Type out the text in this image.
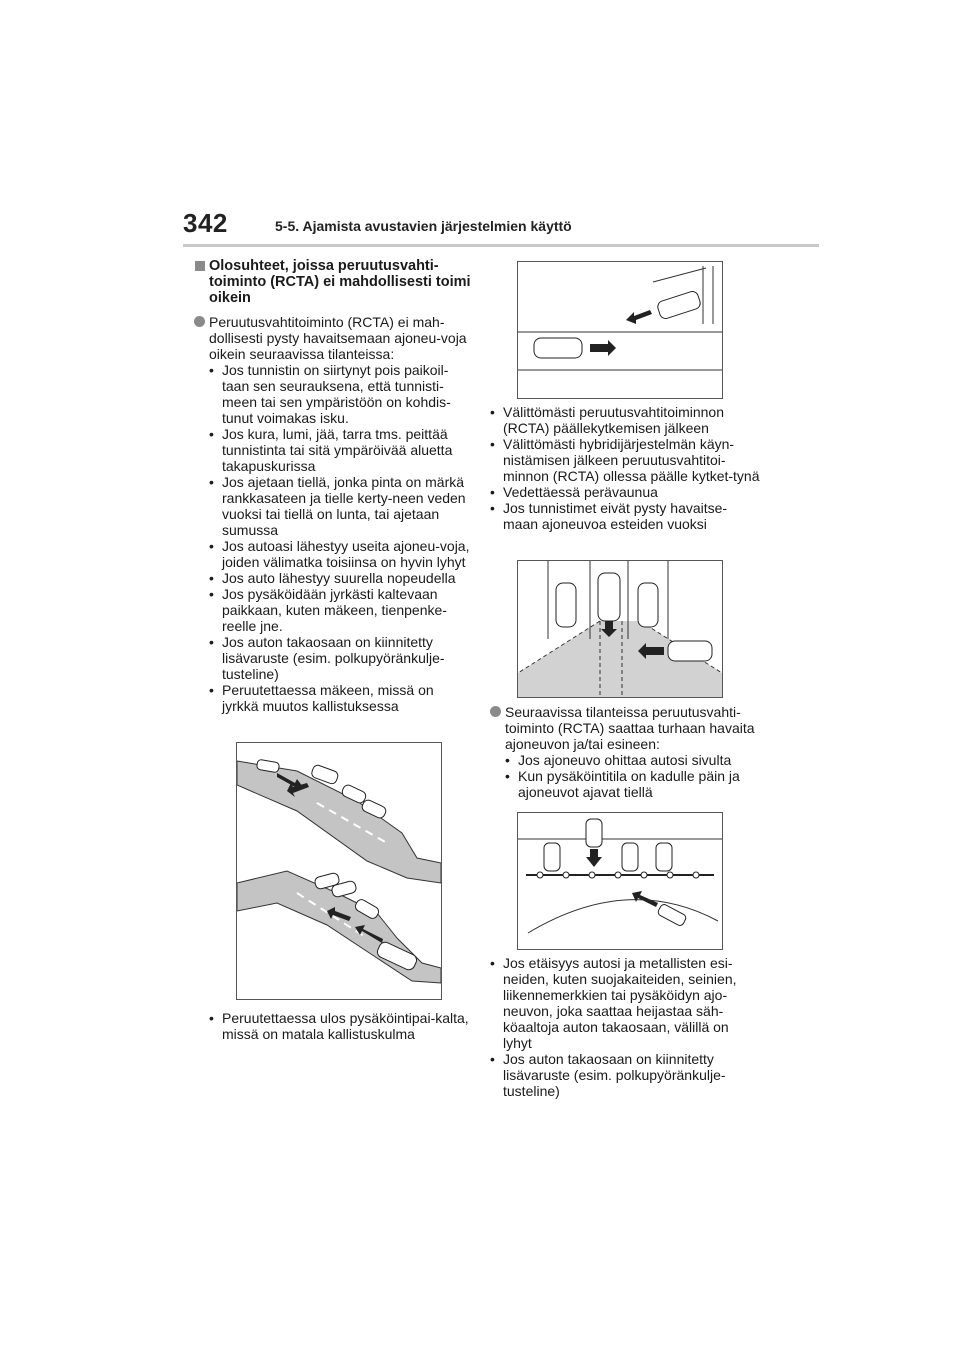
342	5-5. Ajamista avustavien järjestelmien käyttö
Olosuhteet, joissa peruutusvahti-toiminto (RCTA) ei mahdollisesti toimi oikein
Peruutusvahtitoiminto (RCTA) ei mah-dollisesti pysty havaitsemaan ajoneu-voja oikein seuraavissa tilanteissa:
• Jos tunnistin on siirtynyt pois paikoil-taan sen seurauksena, että tunnisti-meen tai sen ympäristöön on kohdis-tunut voimakas isku.
• Jos kura, lumi, jää, tarra tms. peittää tunnistinta tai sitä ympäröivää aluetta takapuskurissa
• Jos ajetaan tiellä, jonka pinta on märkä rankkasateen ja tielle kerty-neen veden vuoksi tai tiellä on lunta, tai ajetaan sumussa
• Jos autoasi lähestyy useita ajoneu-voja, joiden välimatka toisiinsa on hyvin lyhyt
• Jos auto lähestyy suurella nopeudella
• Jos pysäköidään jyrkästi kaltevaan paikkaan, kuten mäkeen, tienpenke-reelle jne.
• Jos auton takaosaan on kiinnitetty lisävaruste (esim. polkupyöränkulje-tusteline)
• Peruutettaessa mäkeen, missä on jyrkkä muutos kallistuksessa
• Peruutettaessa ulos pysäköintipai-kalta, missä on matala kallistuskulma
• Välittömästi peruutusvahtitoiminnon (RCTA) päällekytkemisen jälkeen
• Välittömästi hybridijärjestelmän käyn-nistämisen jälkeen peruutusvahtitoi-minnon (RCTA) ollessa päälle kytket-tynä
• Vedettäessä perävaunua
• Jos tunnistimet eivät pysty havaitse-maan ajoneuvoa esteiden vuoksi
Seuraavissa tilanteissa peruutusvahti-toiminto (RCTA) saattaa turhaan havaita ajoneuvon ja/tai esineen:
• Jos ajoneuvo ohittaa autosi sivulta
• Kun pysäköintitila on kadulle päin ja ajoneuvot ajavat tiellä
• Jos etäisyys autosi ja metallisten esi-neiden, kuten suojakaiteiden, seinien, liikennemerkkien tai pysäköidyn ajo-neuvon, joka saattaa heijastaa säh-köaaltoja auton takaosaan, välillä on lyhyt
• Jos auton takaosaan on kiinnitetty lisävaruste (esim. polkupyöränkulje-tusteline)
